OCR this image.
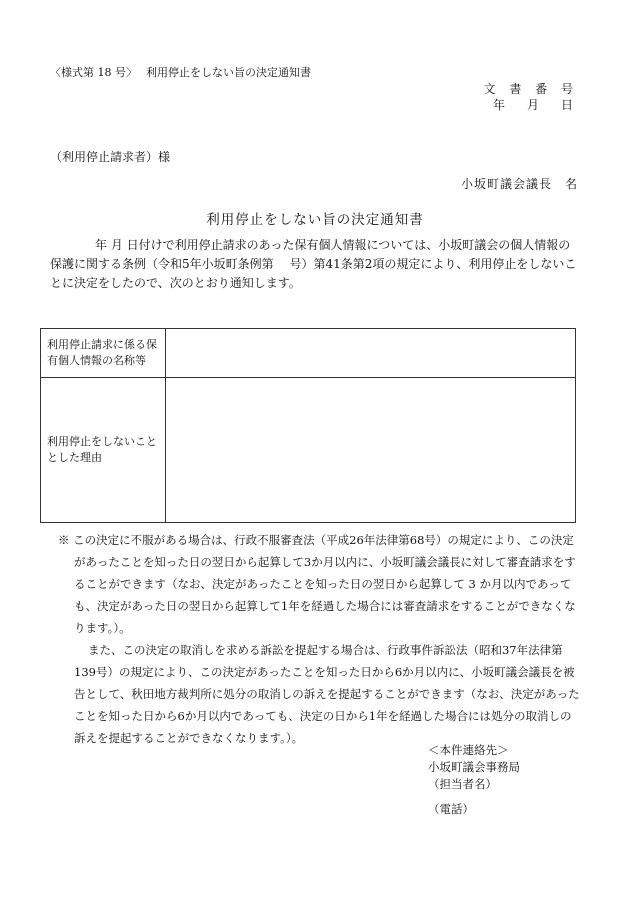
〈様式第 18 号〉　 利用停止をしない旨の決定通知書
文 書 番 号
年　月　日
（利用停止請求者）様
小坂町議会議長　名
利用停止をしない旨の決定通知書
年 月 日付けで利用停止請求のあった保有個人情報については、小坂町議会の個人情報の保護に関する条例（令和5年小坂町条例第　 号）第41条第2項の規定により、利用停止をしないことに決定をしたので、次のとおり通知します。
利用停止請求に係る保有個人情報の名称等	
利用停止をしないこととした理由	

※ この決定に不服がある場合は、行政不服審査法（平成26年法律第68号）の規定により、この決定があったことを知った日の翌日から起算して3か月以内に、小坂町議会議長に対して審査請求をすることができます（なお、決定があったことを知った日の翌日から起算して 3 か月以内であっても、決定があった日の翌日から起算して1年を経過した場合には審査請求をすることができなくなります。）。

また、この決定の取消しを求める訴訟を提起する場合は、行政事件訴訟法（昭和37年法律第139号）の規定により、この決定があったことを知った日から6か月以内に、小坂町議会議長を被告として、秋田地方裁判所に処分の取消しの訴えを提起することができます（なお、決定があったことを知った日から6か月以内であっても、決定の日から1年を経過した場合には処分の取消しの訴えを提起することができなくなります。）。

＜本件連絡先＞
小坂町議会事務局
（担当者名）
（電話）
